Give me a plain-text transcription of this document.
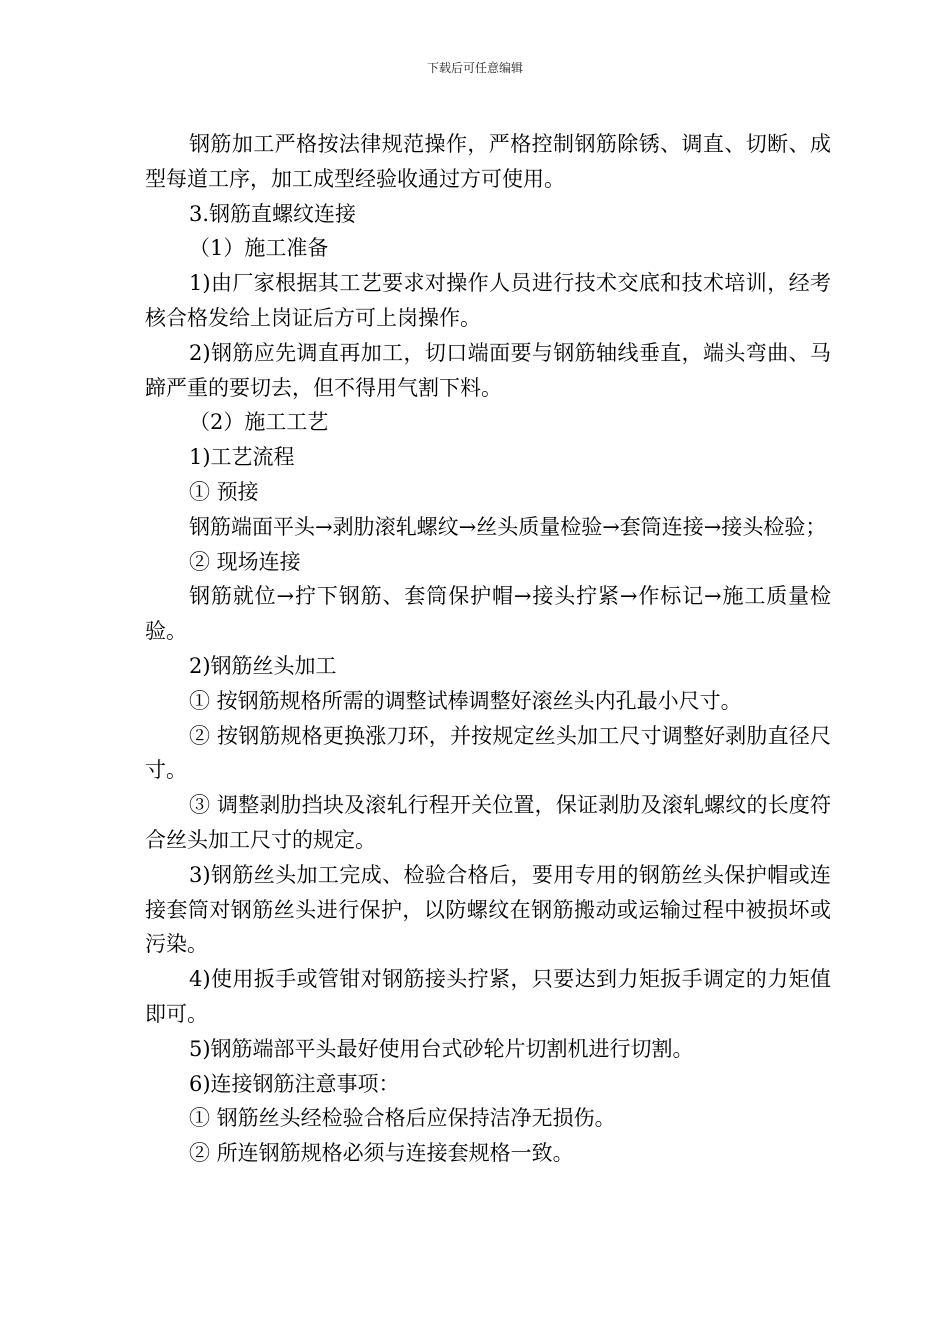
下载后可任意编辑

钢筋加工严格按法律规范操作，严格控制钢筋除锈、调直、切断、成型每道工序，加工成型经验收通过方可使用。

3.钢筋直螺纹连接

（1）施工准备

1)由厂家根据其工艺要求对操作人员进行技术交底和技术培训，经考核合格发给上岗证后方可上岗操作。

2)钢筋应先调直再加工，切口端面要与钢筋轴线垂直，端头弯曲、马蹄严重的要切去，但不得用气割下料。

（2）施工工艺

1)工艺流程

① 预接

钢筋端面平头→剥肋滚轧螺纹→丝头质量检验→套筒连接→接头检验；

② 现场连接

钢筋就位→拧下钢筋、套筒保护帽→接头拧紧→作标记→施工质量检验。

2)钢筋丝头加工

① 按钢筋规格所需的调整试棒调整好滚丝头内孔最小尺寸。

② 按钢筋规格更换涨刀环，并按规定丝头加工尺寸调整好剥肋直径尺寸。

③ 调整剥肋挡块及滚轧行程开关位置，保证剥肋及滚轧螺纹的长度符合丝头加工尺寸的规定。

3)钢筋丝头加工完成、检验合格后，要用专用的钢筋丝头保护帽或连接套筒对钢筋丝头进行保护，以防螺纹在钢筋搬动或运输过程中被损坏或污染。

4)使用扳手或管钳对钢筋接头拧紧，只要达到力矩扳手调定的力矩值即可。

5)钢筋端部平头最好使用台式砂轮片切割机进行切割。

6)连接钢筋注意事项：

① 钢筋丝头经检验合格后应保持洁净无损伤。

② 所连钢筋规格必须与连接套规格一致。
